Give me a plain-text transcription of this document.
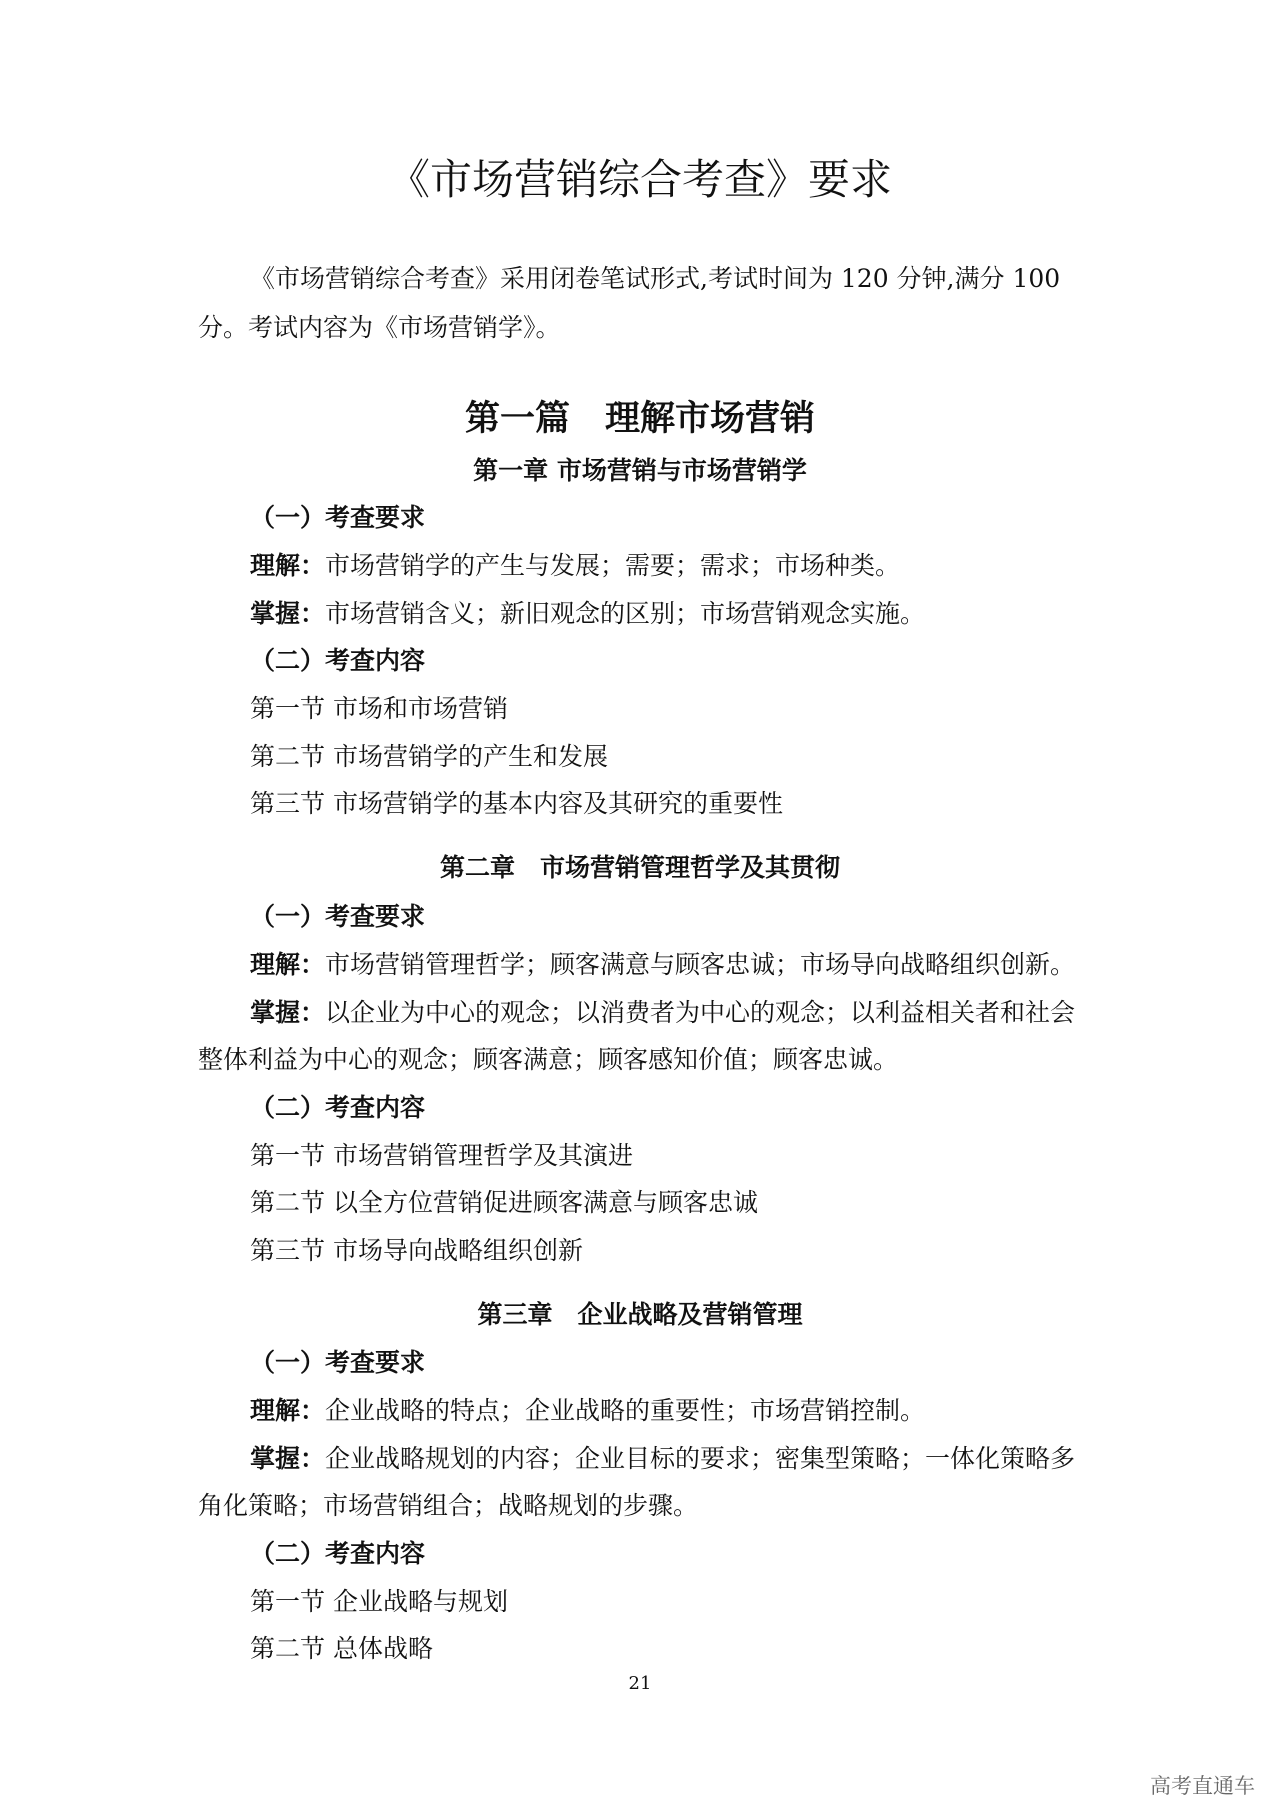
《市场营销综合考查》要求
《市场营销综合考查》采用闭卷笔试形式,考试时间为 120 分钟,满分 100
分。考试内容为《市场营销学》。
第一篇　理解市场营销
第一章 市场营销与市场营销学
（一）考查要求
理解：市场营销学的产生与发展；需要；需求；市场种类。
掌握：市场营销含义；新旧观念的区别；市场营销观念实施。
（二）考查内容
第一节 市场和市场营销
第二节 市场营销学的产生和发展
第三节 市场营销学的基本内容及其研究的重要性
第二章　市场营销管理哲学及其贯彻
（一）考查要求
理解：市场营销管理哲学；顾客满意与顾客忠诚；市场导向战略组织创新。
掌握：以企业为中心的观念；以消费者为中心的观念；以利益相关者和社会
整体利益为中心的观念；顾客满意；顾客感知价值；顾客忠诚。
（二）考查内容
第一节 市场营销管理哲学及其演进
第二节 以全方位营销促进顾客满意与顾客忠诚
第三节 市场导向战略组织创新
第三章　企业战略及营销管理
（一）考查要求
理解：企业战略的特点；企业战略的重要性；市场营销控制。
掌握：企业战略规划的内容；企业目标的要求；密集型策略；一体化策略多
角化策略；市场营销组合；战略规划的步骤。
（二）考查内容
第一节 企业战略与规划
第二节 总体战略
21
高考直通车
